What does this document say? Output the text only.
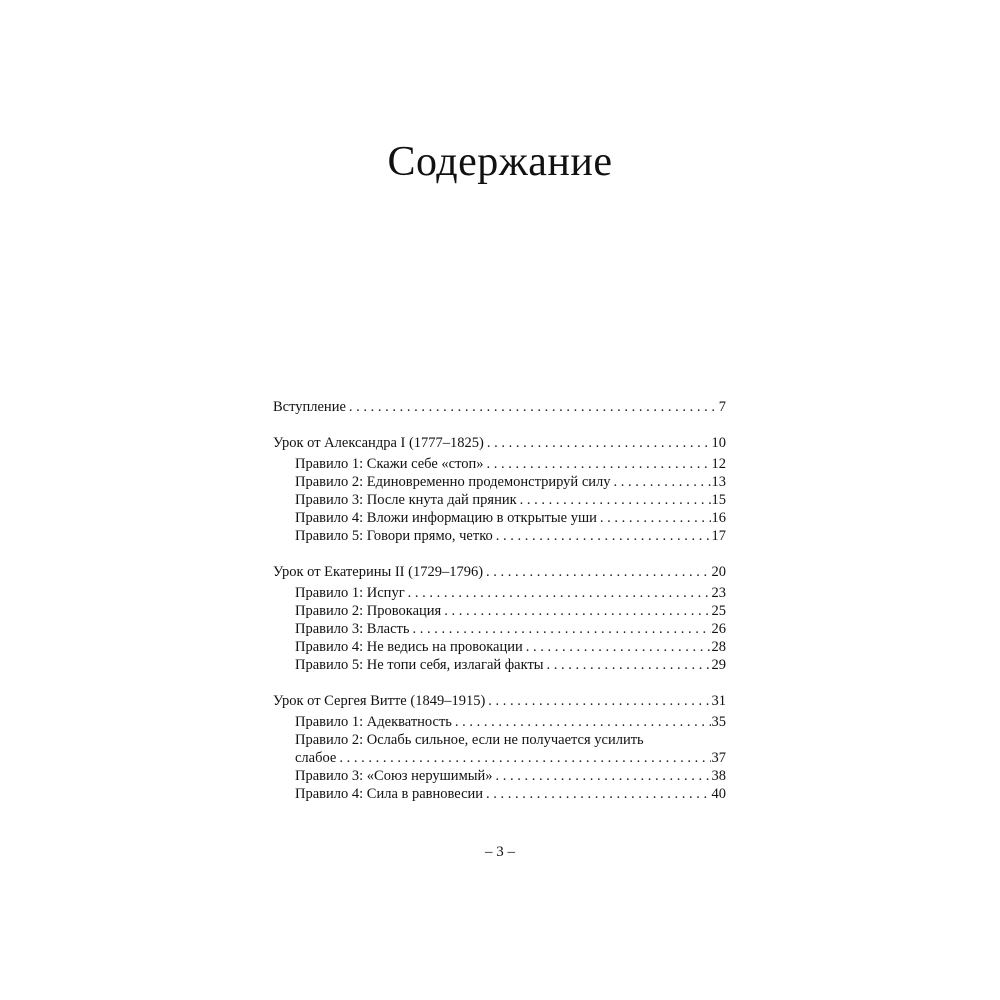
Содержание
Вступление . . .	7
Урок от Александра I (1777–1825) . . .	10
Правило 1: Скажи себе «стоп» . . .	12
Правило 2: Единовременно продемонстрируй силу . . .	13
Правило 3: После кнута дай пряник . . .	15
Правило 4: Вложи информацию в открытые уши . . .	16
Правило 5: Говори прямо, четко . . .	17
Урок от Екатерины II (1729–1796) . . .	20
Правило 1: Испуг . . .	23
Правило 2: Провокация . . .	25
Правило 3: Власть . . .	26
Правило 4: Не ведись на провокации . . .	28
Правило 5: Не топи себя, излагай факты . . .	29
Урок от Сергея Витте (1849–1915) . . .	31
Правило 1: Адекватность . . .	35
Правило 2: Ослабь сильное, если не получается усилить
слабое . . .	37
Правило 3: «Союз нерушимый» . . .	38
Правило 4: Сила в равновесии . . .	40
– 3 –
